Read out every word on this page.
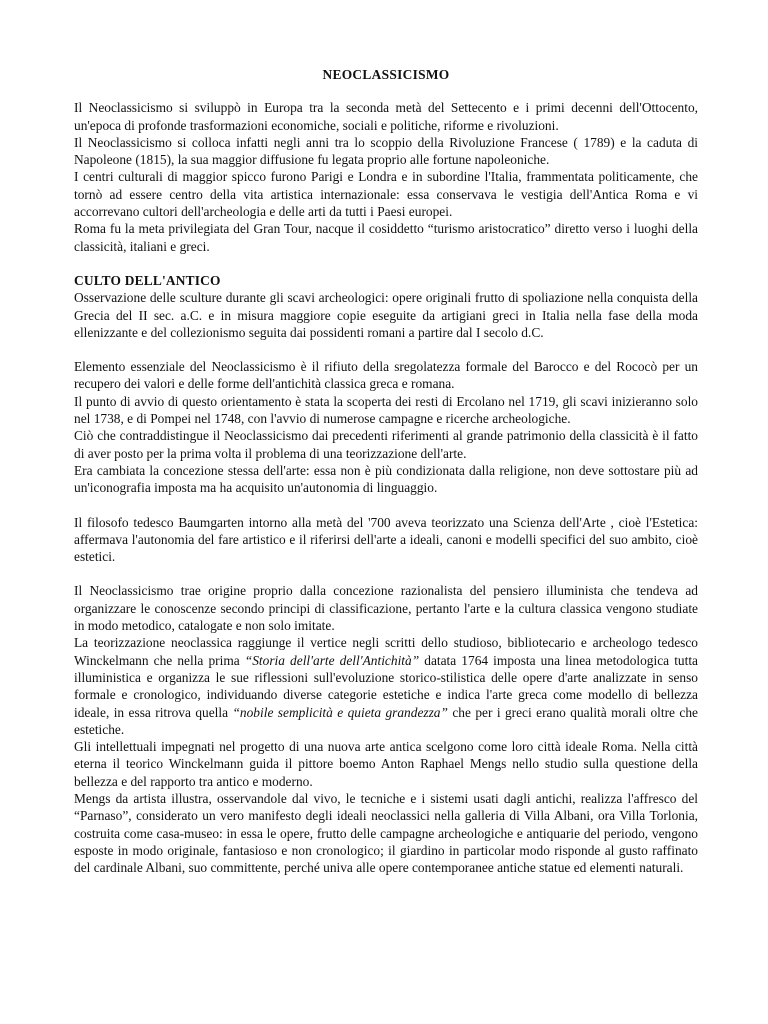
NEOCLASSICISMO

Il Neoclassicismo si sviluppò in Europa tra la seconda metà del Settecento e i primi decenni dell'Ottocento, un'epoca di profonde trasformazioni economiche, sociali e politiche, riforme e rivoluzioni.

Il Neoclassicismo si colloca infatti negli anni tra lo scoppio della Rivoluzione Francese ( 1789) e la caduta di Napoleone (1815), la sua maggior diffusione fu legata proprio alle fortune napoleoniche.

I centri culturali di maggior spicco furono Parigi e Londra e in subordine l'Italia, frammentata politicamente, che tornò ad essere centro della vita artistica internazionale: essa conservava le vestigia dell'Antica Roma e vi accorrevano cultori dell'archeologia e delle arti da tutti i Paesi europei.

Roma fu la meta privilegiata del Gran Tour, nacque il cosiddetto “turismo aristocratico” diretto verso i luoghi della classicità, italiani e greci.

CULTO DELL'ANTICO

Osservazione delle sculture durante gli scavi archeologici: opere originali frutto di spoliazione nella conquista della Grecia del II sec. a.C. e in misura maggiore copie eseguite da artigiani greci in Italia nella fase della moda ellenizzante e del collezionismo seguita dai possidenti romani a partire dal I secolo d.C.

Elemento essenziale del Neoclassicismo è il rifiuto della sregolatezza formale del Barocco e del Rococò per un recupero dei valori e delle forme dell'antichità classica greca e romana.

Il punto di avvio di questo orientamento è stata la scoperta dei resti di Ercolano nel 1719, gli scavi inizieranno solo nel 1738, e di Pompei nel 1748, con l'avvio di numerose campagne e ricerche archeologiche.

Ciò che contraddistingue il Neoclassicismo dai precedenti riferimenti al grande patrimonio della classicità è il fatto di aver posto per la prima volta il problema di una teorizzazione dell'arte.

Era cambiata la concezione stessa dell'arte: essa non è più condizionata dalla religione, non deve sottostare più ad un'iconografia imposta ma ha acquisito un'autonomia di linguaggio.

Il filosofo tedesco Baumgarten intorno alla metà del '700 aveva teorizzato una Scienza dell'Arte , cioè l'Estetica: affermava l'autonomia del fare artistico e il riferirsi dell'arte a ideali, canoni e modelli specifici del suo ambito, cioè estetici.

Il Neoclassicismo trae origine proprio dalla concezione razionalista del pensiero illuminista che tendeva ad organizzare le conoscenze secondo principi di classificazione, pertanto l'arte e la cultura classica vengono studiate in modo metodico, catalogate e non solo imitate.

La teorizzazione neoclassica raggiunge il vertice negli scritti dello studioso, bibliotecario e archeologo tedesco Winckelmann che nella prima “Storia dell'arte dell'Antichità” datata 1764 imposta una linea metodologica tutta illuministica e organizza le sue riflessioni sull'evoluzione storico-stilistica delle opere d'arte analizzate in senso formale e cronologico, individuando diverse categorie estetiche e indica l'arte greca come modello di bellezza ideale, in essa ritrova quella “nobile semplicità e quieta grandezza” che per i greci erano qualità morali oltre che estetiche.

Gli intellettuali impegnati nel progetto di una nuova arte antica scelgono come loro città ideale Roma. Nella città eterna il teorico Winckelmann guida il pittore boemo Anton Raphael Mengs nello studio sulla questione della bellezza e del rapporto tra antico e moderno.

Mengs da artista illustra, osservandole dal vivo, le tecniche e i sistemi usati dagli antichi, realizza l'affresco del “Parnaso”, considerato un vero manifesto degli ideali neoclassici nella galleria di Villa Albani, ora Villa Torlonia, costruita come casa-museo: in essa le opere, frutto delle campagne archeologiche e antiquarie del periodo, vengono esposte in modo originale, fantasioso e non cronologico; il giardino in particolar modo risponde al gusto raffinato del cardinale Albani, suo committente, perché univa alle opere contemporanee antiche statue ed elementi naturali.
